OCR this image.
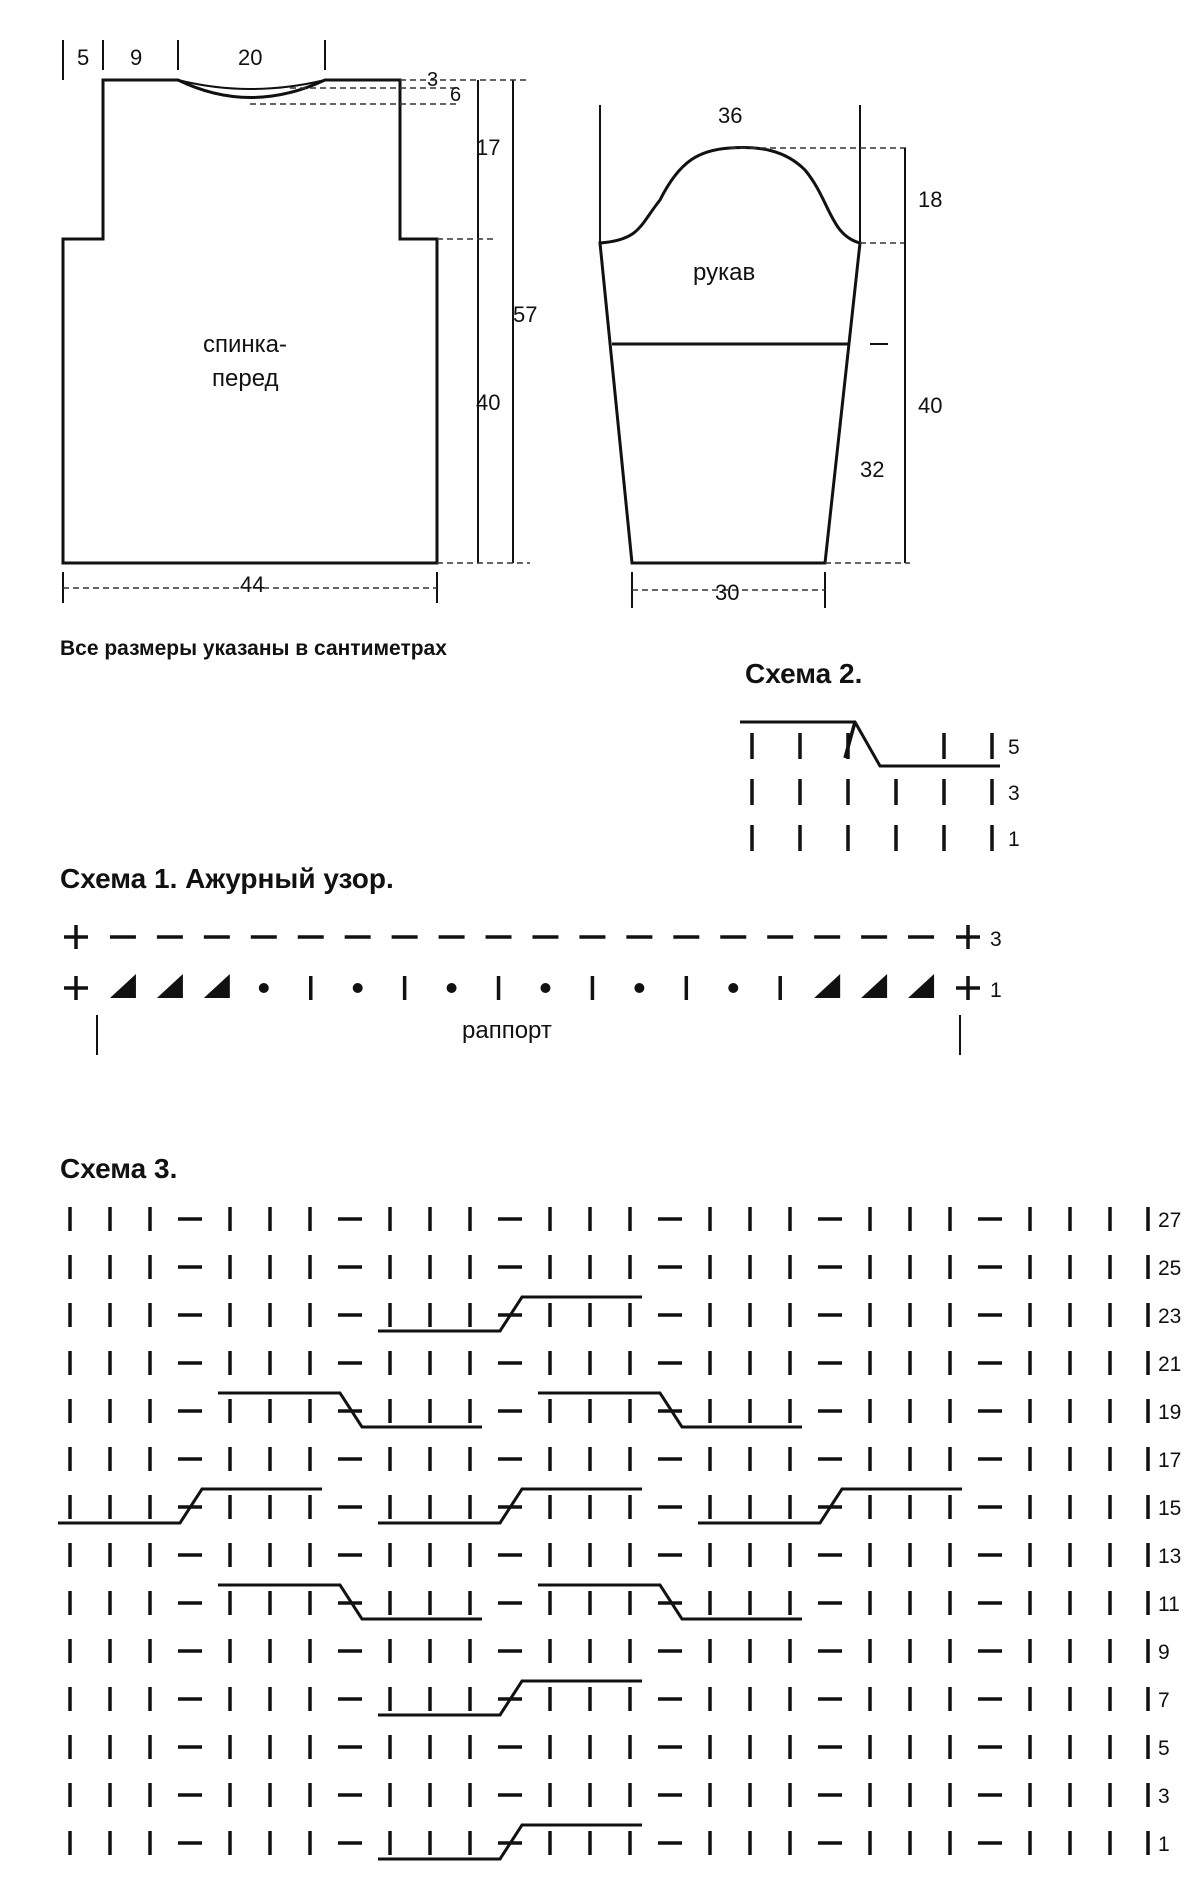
5 9	20
3
6
17
57
40
44
спинка-
перед
36
18
40
32
рукав
30
Все размеры указаны в сантиметрах
Схема 2.
5
3
1
Схема 1. Ажурный узор.
3
1
раппорт
Схема 3.
27
25
23
21
19
17
15
13
11
9
7
5
3
1
